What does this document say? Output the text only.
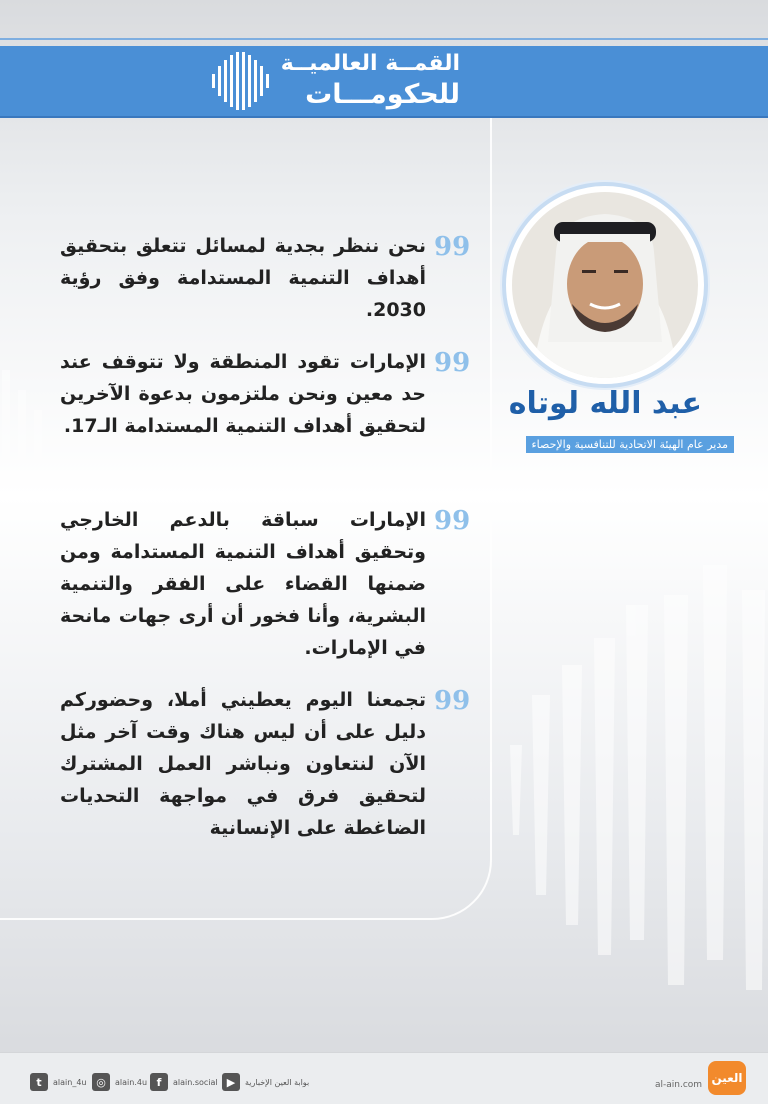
القمــة العالميــة
للحكومـــات
عبد الله لوتاه
مدير عام الهيئة الاتحادية للتنافسية والإحصاء
99
نحن ننظر بجدية لمسائل تتعلق بتحقيق أهداف التنمية المستدامة وفق رؤية 2030.
99
الإمارات تقود المنطقة ولا تتوقف عند حد معين ونحن ملتزمون بدعوة الآخرين لتحقيق أهداف التنمية المستدامة الـ17.
99
الإمارات سباقة بالدعم الخارجي وتحقيق أهداف التنمية المستدامة ومن ضمنها القضاء على الفقر والتنمية البشرية، وأنا فخور أن أرى جهات مانحة في الإمارات.
99
تجمعنا اليوم يعطيني أملا، وحضوركم دليل على أن ليس هناك وقت آخر مثل الآن لنتعاون ونباشر العمل المشترك لتحقيق فرق في مواجهة التحديات الضاغطة على الإنسانية
t	alain_4u ◎	alain.4u f	alain.social ▶	بوابة العين الإخبارية	al-ain.com العين
